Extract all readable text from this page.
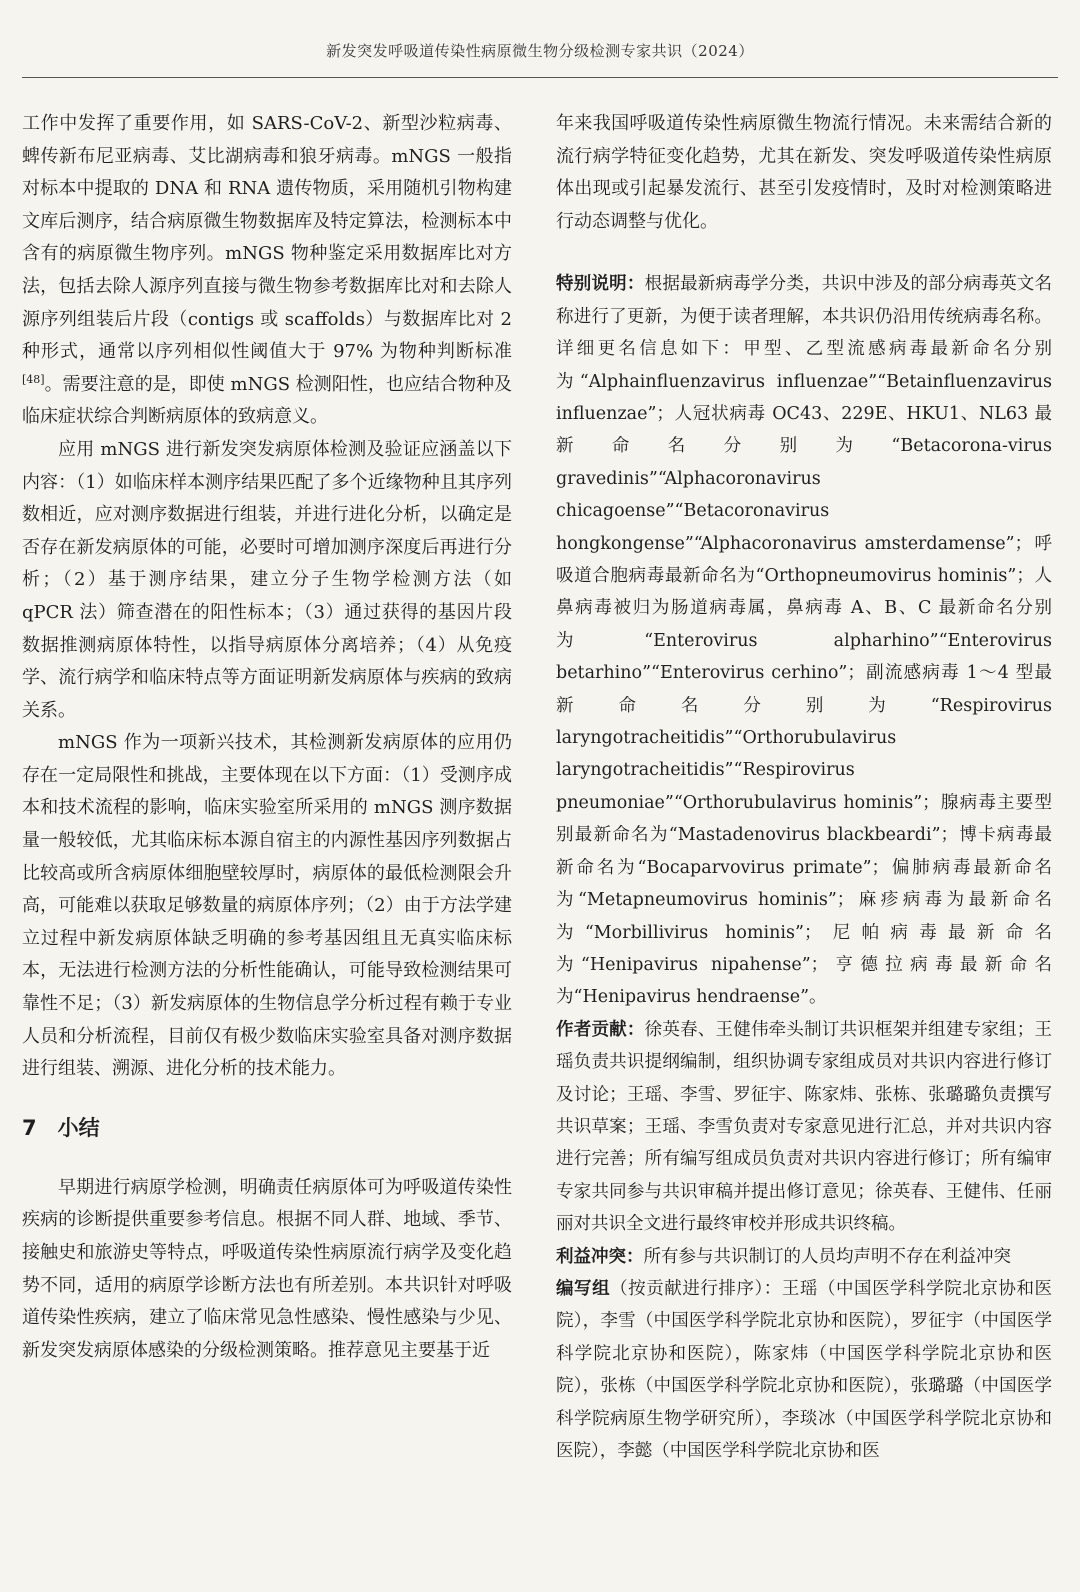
新发突发呼吸道传染性病原微生物分级检测专家共识（2024）

工作中发挥了重要作用，如 SARS-CoV-2、新型沙粒病毒、蜱传新布尼亚病毒、艾比湖病毒和狼牙病毒。mNGS 一般指对标本中提取的 DNA 和 RNA 遗传物质，采用随机引物构建文库后测序，结合病原微生物数据库及特定算法，检测标本中含有的病原微生物序列。mNGS 物种鉴定采用数据库比对方法，包括去除人源序列直接与微生物参考数据库比对和去除人源序列组装后片段（contigs 或 scaffolds）与数据库比对 2 种形式，通常以序列相似性阈值大于 97% 为物种判断标准[48]。需要注意的是，即使 mNGS 检测阳性，也应结合物种及临床症状综合判断病原体的致病意义。

应用 mNGS 进行新发突发病原体检测及验证应涵盖以下内容：（1）如临床样本测序结果匹配了多个近缘物种且其序列数相近，应对测序数据进行组装，并进行进化分析，以确定是否存在新发病原体的可能，必要时可增加测序深度后再进行分析；（2）基于测序结果，建立分子生物学检测方法（如 qPCR 法）筛查潜在的阳性标本；（3）通过获得的基因片段数据推测病原体特性，以指导病原体分离培养；（4）从免疫学、流行病学和临床特点等方面证明新发病原体与疾病的致病关系。

mNGS 作为一项新兴技术，其检测新发病原体的应用仍存在一定局限性和挑战，主要体现在以下方面：（1）受测序成本和技术流程的影响，临床实验室所采用的 mNGS 测序数据量一般较低，尤其临床标本源自宿主的内源性基因序列数据占比较高或所含病原体细胞壁较厚时，病原体的最低检测限会升高，可能难以获取足够数量的病原体序列；（2）由于方法学建立过程中新发病原体缺乏明确的参考基因组且无真实临床标本，无法进行检测方法的分析性能确认，可能导致检测结果可靠性不足；（3）新发病原体的生物信息学分析过程有赖于专业人员和分析流程，目前仅有极少数临床实验室具备对测序数据进行组装、溯源、进化分析的技术能力。

7　小结

早期进行病原学检测，明确责任病原体可为呼吸道传染性疾病的诊断提供重要参考信息。根据不同人群、地域、季节、接触史和旅游史等特点，呼吸道传染性病原流行病学及变化趋势不同，适用的病原学诊断方法也有所差别。本共识针对呼吸道传染性疾病，建立了临床常见急性感染、慢性感染与少见、新发突发病原体感染的分级检测策略。推荐意见主要基于近

年来我国呼吸道传染性病原微生物流行情况。未来需结合新的流行病学特征变化趋势，尤其在新发、突发呼吸道传染性病原体出现或引起暴发流行、甚至引发疫情时，及时对检测策略进行动态调整与优化。

特别说明：根据最新病毒学分类，共识中涉及的部分病毒英文名称进行了更新，为便于读者理解，本共识仍沿用传统病毒名称。详细更名信息如下：甲型、乙型流感病毒最新命名分别为“Alphainfluenzavirus influenzae”“Betainfluenzavirus influenzae”；人冠状病毒 OC43、229E、HKU1、NL63 最新命名分别为“Betacorona-virus gravedinis”“Alphacoronavirus chicagoense”“Betacoronavirus hongkongense”“Alphacoronavirus amsterdamense”；呼吸道合胞病毒最新命名为“Orthopneumovirus hominis”；人鼻病毒被归为肠道病毒属，鼻病毒 A、B、C 最新命名分别为“Enterovirus alpharhino”“Enterovirus betarhino”“Enterovirus cerhino”；副流感病毒 1～4 型最新命名分别为“Respirovirus laryngotracheitidis”“Orthorubulavirus laryngotracheitidis”“Respirovirus pneumoniae”“Orthorubulavirus hominis”；腺病毒主要型别最新命名为“Mastadenovirus blackbeardi”；博卡病毒最新命名为“Bocaparvovirus primate”；偏肺病毒最新命名为“Metapneumovirus hominis”；麻疹病毒为最新命名为“Morbillivirus hominis”；尼帕病毒最新命名为“Henipavirus nipahense”；亨德拉病毒最新命名为“Henipavirus hendraense”。

作者贡献：徐英春、王健伟牵头制订共识框架并组建专家组；王瑶负责共识提纲编制，组织协调专家组成员对共识内容进行修订及讨论；王瑶、李雪、罗征宇、陈家炜、张栋、张璐璐负责撰写共识草案；王瑶、李雪负责对专家意见进行汇总，并对共识内容进行完善；所有编写组成员负责对共识内容进行修订；所有编审专家共同参与共识审稿并提出修订意见；徐英春、王健伟、任丽丽对共识全文进行最终审校并形成共识终稿。

利益冲突：所有参与共识制订的人员均声明不存在利益冲突

编写组（按贡献进行排序）：王瑶（中国医学科学院北京协和医院），李雪（中国医学科学院北京协和医院），罗征宇（中国医学科学院北京协和医院），陈家炜（中国医学科学院北京协和医院），张栋（中国医学科学院北京协和医院），张璐璐（中国医学科学院病原生物学研究所），李琰冰（中国医学科学院北京协和医院），李懿（中国医学科学院北京协和医
